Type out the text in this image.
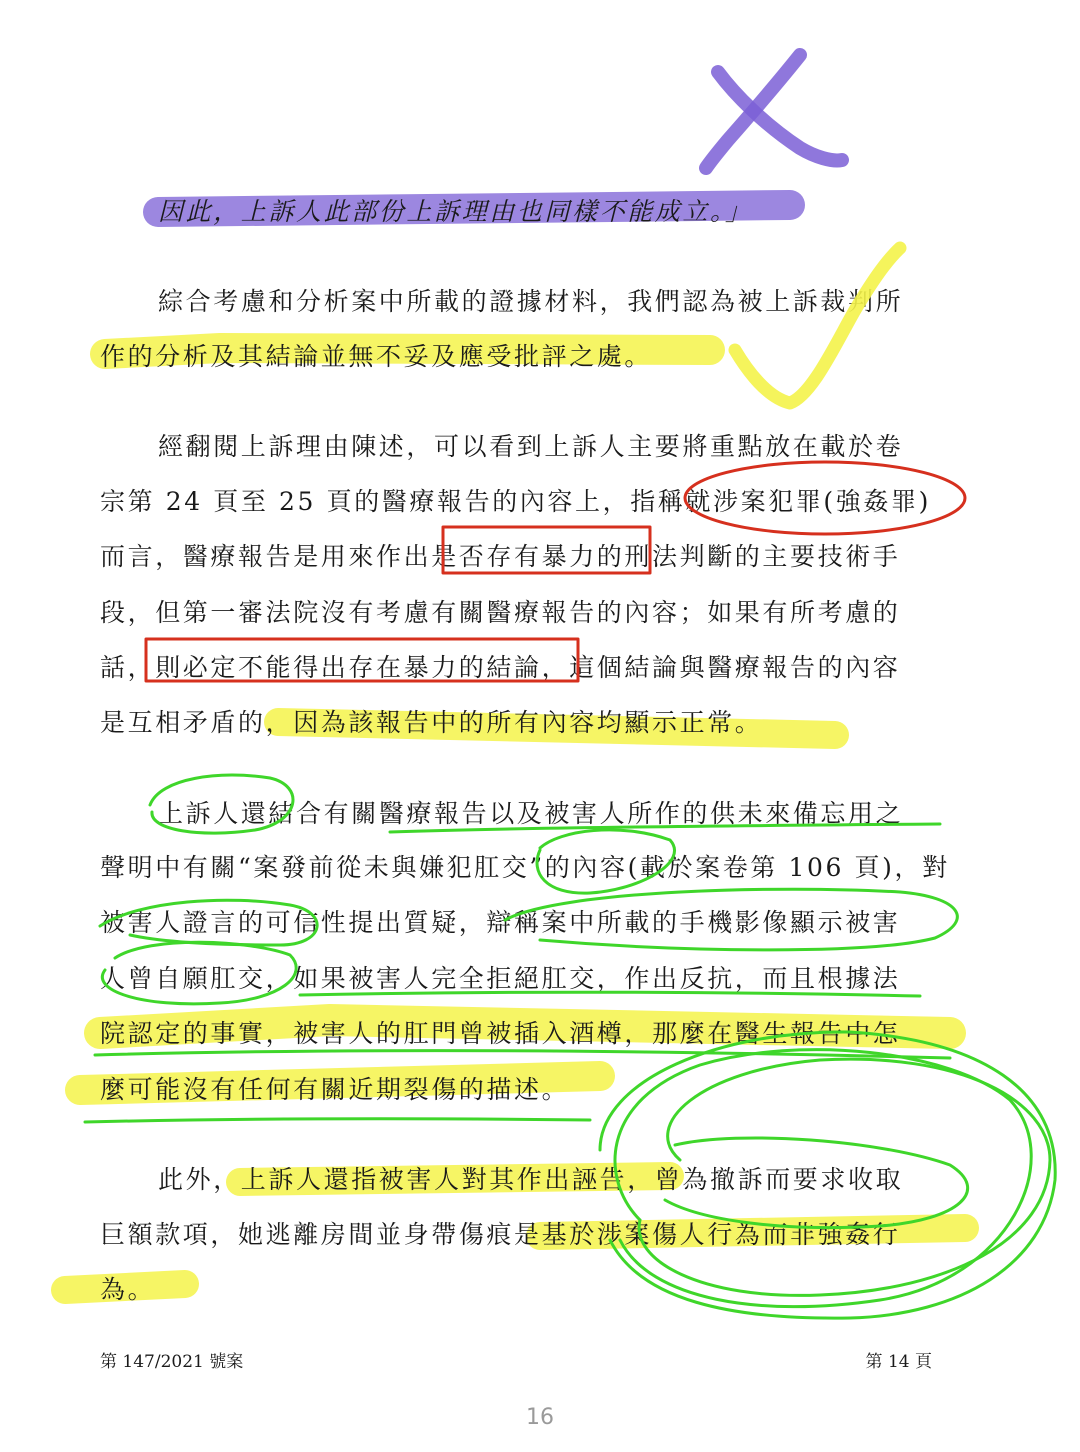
因此，上訴人此部份上訴理由也同樣不能成立。」
綜合考慮和分析案中所載的證據材料，我們認為被上訴裁判所
作的分析及其結論並無不妥及應受批評之處。
經翻閱上訴理由陳述，可以看到上訴人主要將重點放在載於卷
宗第 24 頁至 25 頁的醫療報告的內容上，指稱就涉案犯罪(強姦罪)
而言，醫療報告是用來作出是否存有暴力的刑法判斷的主要技術手
段，但第一審法院沒有考慮有關醫療報告的內容；如果有所考慮的
話，則必定不能得出存在暴力的結論，這個結論與醫療報告的內容
是互相矛盾的，因為該報告中的所有內容均顯示正常。
上訴人還結合有關醫療報告以及被害人所作的供未來備忘用之
聲明中有關“案發前從未與嫌犯肛交”的內容(載於案卷第 106 頁)，對
被害人證言的可信性提出質疑，辯稱案中所載的手機影像顯示被害
人曾自願肛交，如果被害人完全拒絕肛交，作出反抗，而且根據法
院認定的事實，被害人的肛門曾被插入酒樽，那麼在醫生報告中怎
麼可能沒有任何有關近期裂傷的描述。
此外，上訴人還指被害人對其作出誣告，曾為撤訴而要求收取
巨額款項，她逃離房間並身帶傷痕是基於涉案傷人行為而非強姦行
為。
第 147/2021 號案	第 14 頁
16
